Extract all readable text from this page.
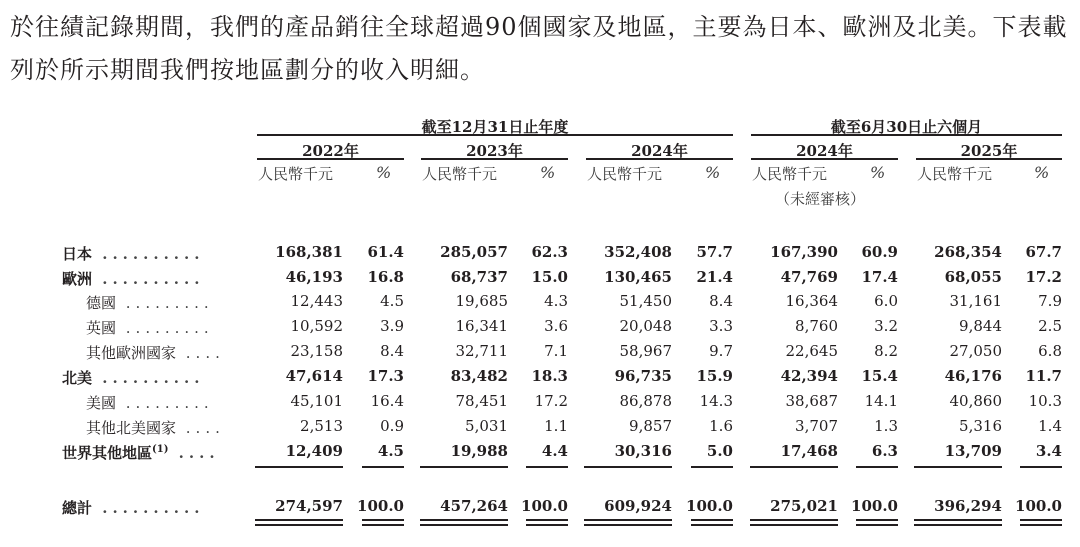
於往績記錄期間，我們的產品銷往全球超過90個國家及地區，主要為日本、歐洲及北美。下表載列於所示期間我們按地區劃分的收入明細。

截至12月31日止年度	截至6月30日止六個月
2022年
人民幣千元	%
2023年
人民幣千元	%
2024年
人民幣千元	%
2024年
人民幣千元	%
2025年
人民幣千元	%
（未經審核）
日本 ..........	168,381	61.4	285,057	62.3	352,408	57.7	167,390	60.9	268,354	67.7
歐洲 ..........	46,193	16.8	68,737	15.0	130,465	21.4	47,769	17.4	68,055	17.2
德國 .........	12,443	4.5	19,685	4.3	51,450	8.4	16,364	6.0	31,161	7.9
英國 .........	10,592	3.9	16,341	3.6	20,048	3.3	8,760	3.2	9,844	2.5
其他歐洲國家 ....	23,158	8.4	32,711	7.1	58,967	9.7	22,645	8.2	27,050	6.8
北美 ..........	47,614	17.3	83,482	18.3	96,735	15.9	42,394	15.4	46,176	11.7
美國 .........	45,101	16.4	78,451	17.2	86,878	14.3	38,687	14.1	40,860	10.3
其他北美國家 ....	2,513	0.9	5,031	1.1	9,857	1.6	3,707	1.3	5,316	1.4
世界其他地區$^{(1)}$ ....	12,409	4.5	19,988	4.4	30,316	5.0	17,468	6.3	13,709	3.4
總計 ..........	274,597 100.0	457,264 100.0	609,924 100.0	275,021 100.0	396,294 100.0
